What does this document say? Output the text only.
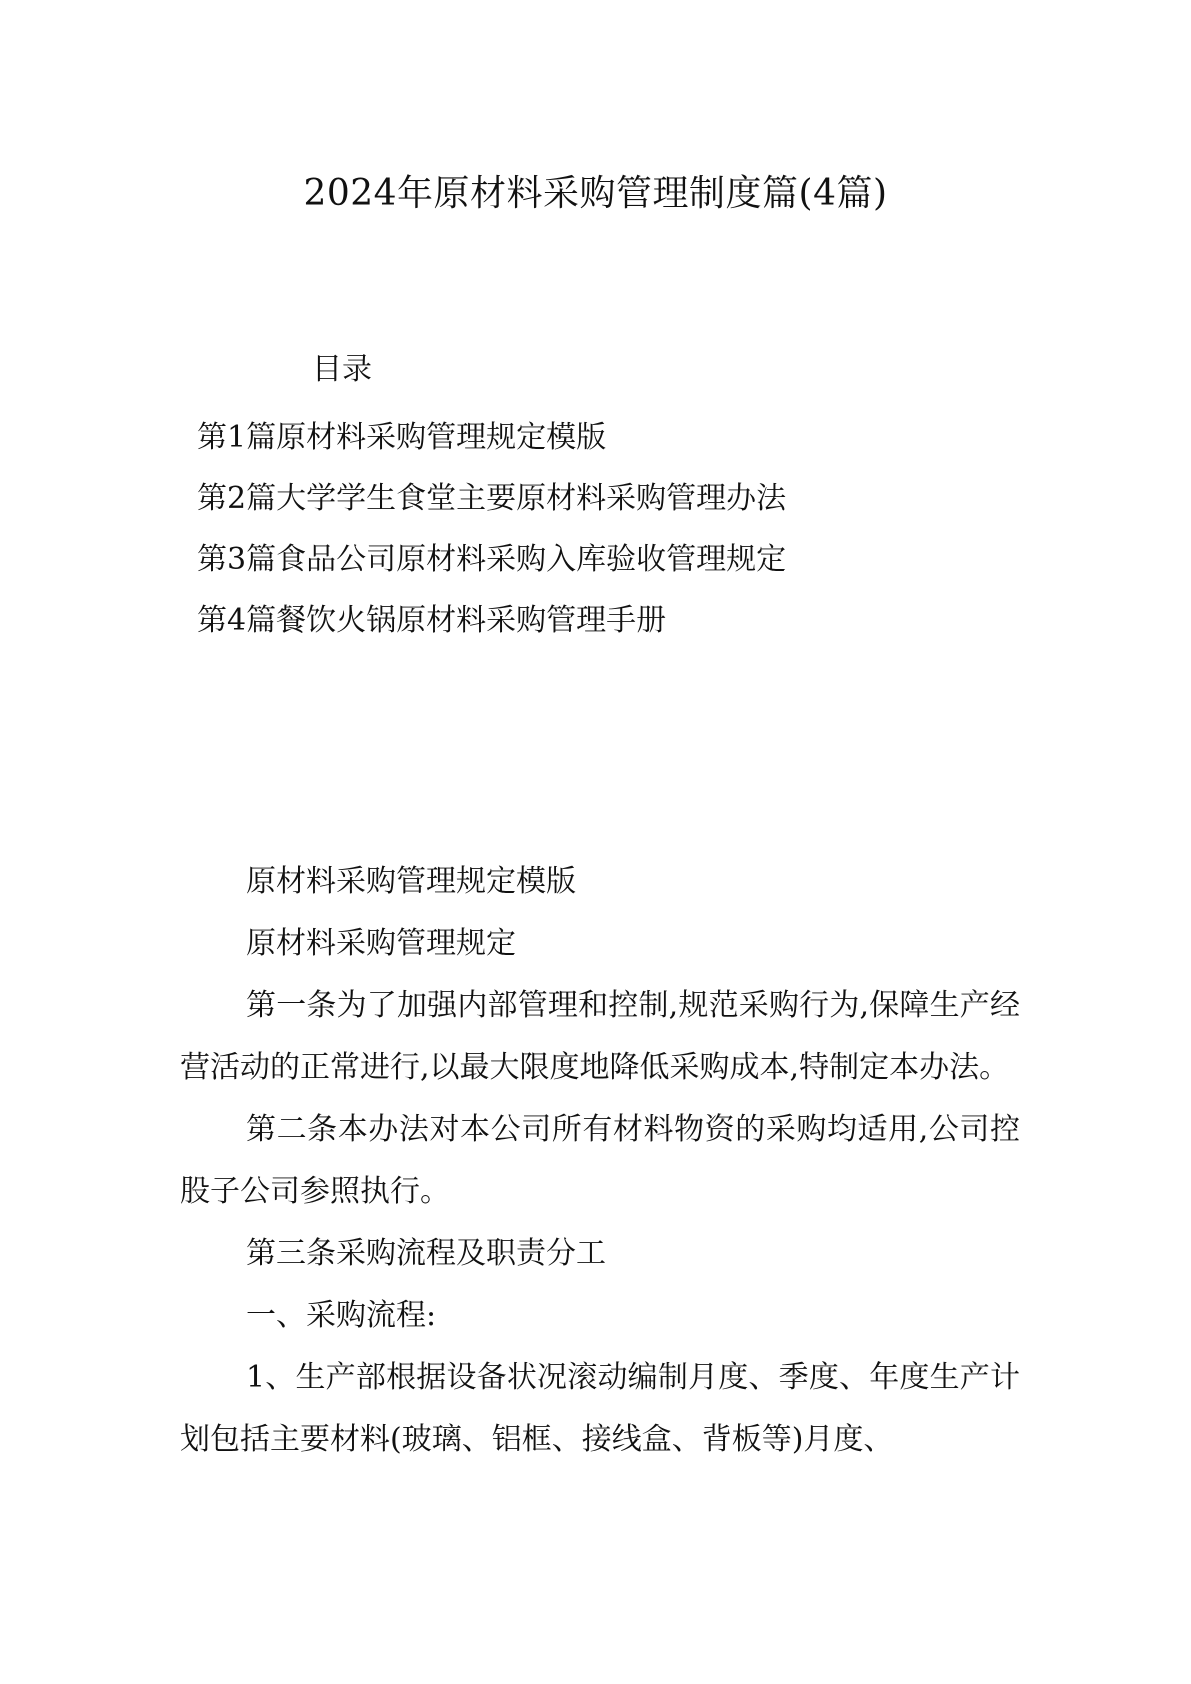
2024年原材料采购管理制度篇(4篇)
目录
第1篇原材料采购管理规定模版
第2篇大学学生食堂主要原材料采购管理办法
第3篇食品公司原材料采购入库验收管理规定
第4篇餐饮火锅原材料采购管理手册

原材料采购管理规定模版

原材料采购管理规定

第一条为了加强内部管理和控制,规范采购行为,保障生产经营活动的正常进行,以最大限度地降低采购成本,特制定本办法。

第二条本办法对本公司所有材料物资的采购均适用,公司控股子公司参照执行。

第三条采购流程及职责分工

一、采购流程:

1、生产部根据设备状况滚动编制月度、季度、年度生产计划包括主要材料(玻璃、铝框、接线盒、背板等)月度、
